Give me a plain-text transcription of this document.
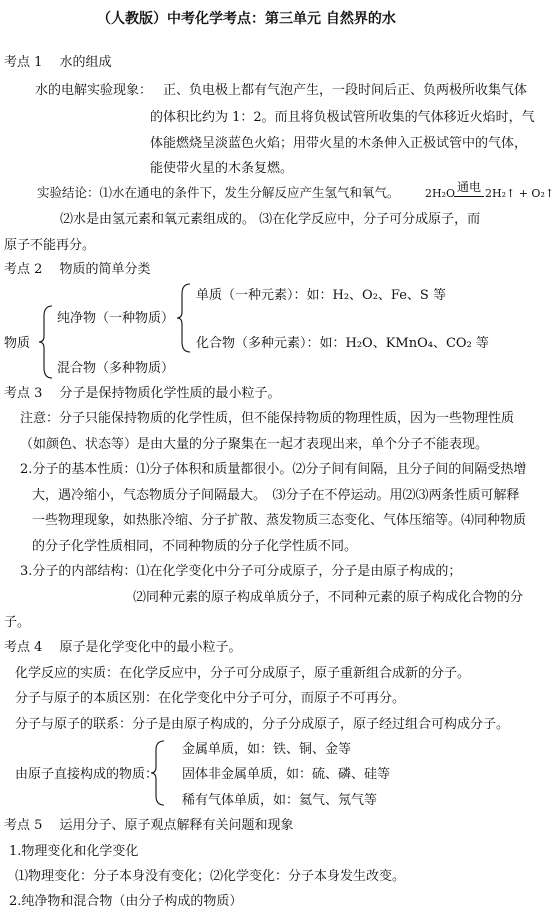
（人教版）中考化学考点：第三单元 自然界的水
考点 1　 水的组成
水的电解实验现象： 正、负电极上都有气泡产生，一段时间后正、负两极所收集气体
的体积比约为 1：2。而且将负极试管所收集的气体移近火焰时，气
体能燃烧呈淡蓝色火焰；用带火星的木条伸入正极试管中的气体，
能使带火星的木条复燃。
实验结论：⑴水在通电的条件下，发生分解反应产生氢气和氧气。 2H₂O 通电 2H₂↑ + O₂↑
⑵水是由氢元素和氧元素组成的。 ⑶在化学反应中，分子可分成原子，而
原子不能再分。
考点 2　 物质的简单分类
单质（一种元素）：如：H₂、O₂、Fe、S 等
纯净物（一种物质）
物质	化合物（多种元素）：如：H₂O、KMnO₄、CO₂ 等
混合物（多种物质）
考点 3　 分子是保持物质化学性质的最小粒子。
注意：分子只能保持物质的化学性质，但不能保持物质的物理性质，因为一些物理性质
（如颜色、状态等）是由大量的分子聚集在一起才表现出来，单个分子不能表现。
2.分子的基本性质：⑴分子体积和质量都很小。⑵分子间有间隔，且分子间的间隔受热增
大，遇冷缩小，气态物质分子间隔最大。　⑶分子在不停运动。用⑵⑶两条性质可解释
一些物理现象，如热胀冷缩、分子扩散、蒸发物质三态变化、气体压缩等。⑷同种物质
的分子化学性质相同，不同种物质的分子化学性质不同。
3.分子的内部结构：⑴在化学变化中分子可分成原子，分子是由原子构成的；
⑵同种元素的原子构成单质分子，不同种元素的原子构成化合物的分
子。
考点 4　 原子是化学变化中的最小粒子。
化学反应的实质：在化学反应中，分子可分成原子，原子重新组合成新的分子。
分子与原子的本质区别：在化学变化中分子可分，而原子不可再分。
分子与原子的联系：分子是由原子构成的，分子分成原子，原子经过组合可构成分子。
金属单质，如：铁、铜、金等
由原子直接构成的物质： 固体非金属单质，如：硫、磷、硅等
稀有气体单质，如：氦气、氖气等
考点 5　 运用分子、原子观点解释有关问题和现象
1.物理变化和化学变化
⑴物理变化：分子本身没有变化；⑵化学变化：分子本身发生改变。
2.纯净物和混合物（由分子构成的物质）
